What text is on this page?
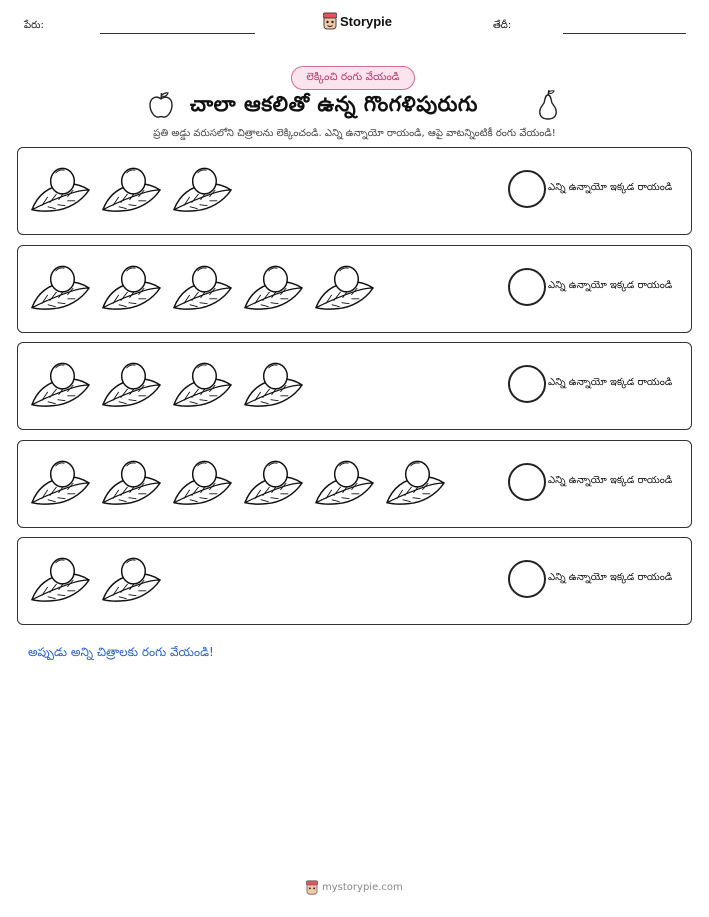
పేరు:	Storypie	తేదీ:
లెక్కించి రంగు వేయండి
చాలా ఆకలితో ఉన్న గొంగళిపురుగు
ప్రతి అడ్డు వరుసలోని చిత్రాలను లెక్కించండి. ఎన్ని ఉన్నాయో రాయండి, ఆపై వాటన్నింటికీ రంగు వేయండి!
ఎన్ని ఉన్నాయో ఇక్కడ రాయండి
ఎన్ని ఉన్నాయో ఇక్కడ రాయండి
ఎన్ని ఉన్నాయో ఇక్కడ రాయండి
ఎన్ని ఉన్నాయో ఇక్కడ రాయండి
ఎన్ని ఉన్నాయో ఇక్కడ రాయండి
అప్పుడు అన్ని చిత్రాలకు రంగు వేయండి!
mystorypie.com
